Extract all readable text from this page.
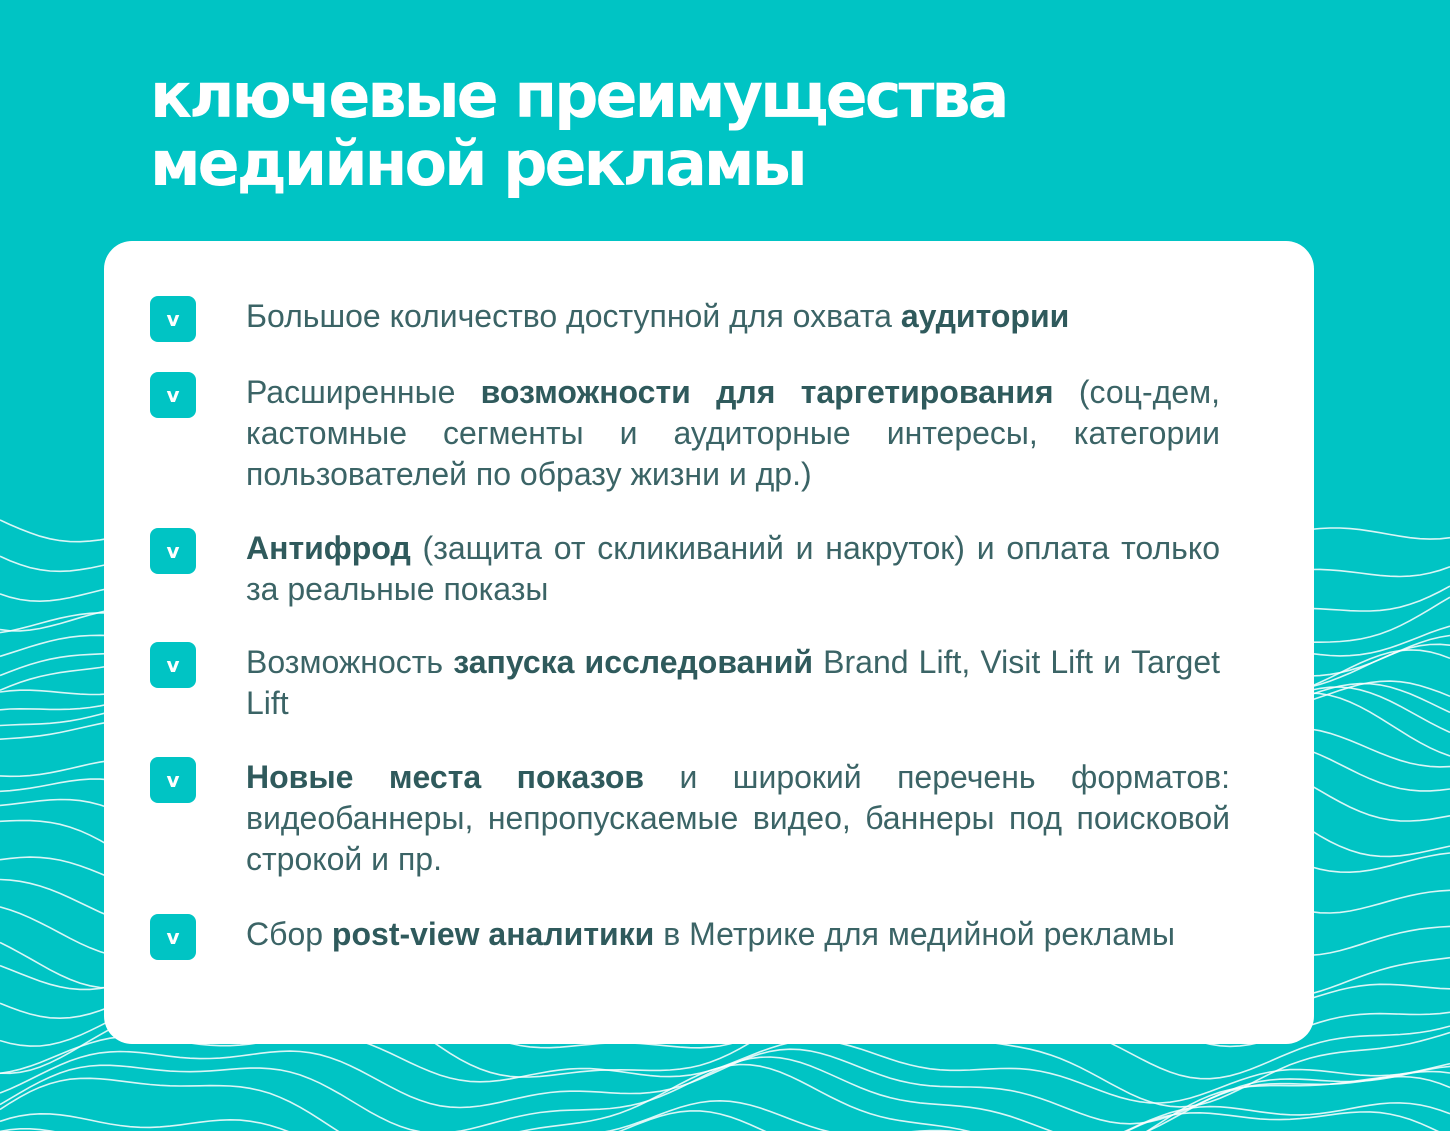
ключевые преимущества
медийной рекламы
v	Большое количество доступной для охвата аудитории

v	Расширенные возможности для таргетирования (соц-дем, кастомные сегменты и аудиторные интересы, категории пользователей по образу жизни и др.)

v	Антифрод (защита от скликиваний и накруток) и оплата только за реальные показы

v	Возможность запуска исследований Brand Lift, Visit Lift и Target Lift

v	Новые места показов и широкий перечень форматов: видеобаннеры, непропускаемые видео, баннеры под поисковой строкой и пр.

v	Сбор post-view аналитики в Метрике для медийной рекламы
